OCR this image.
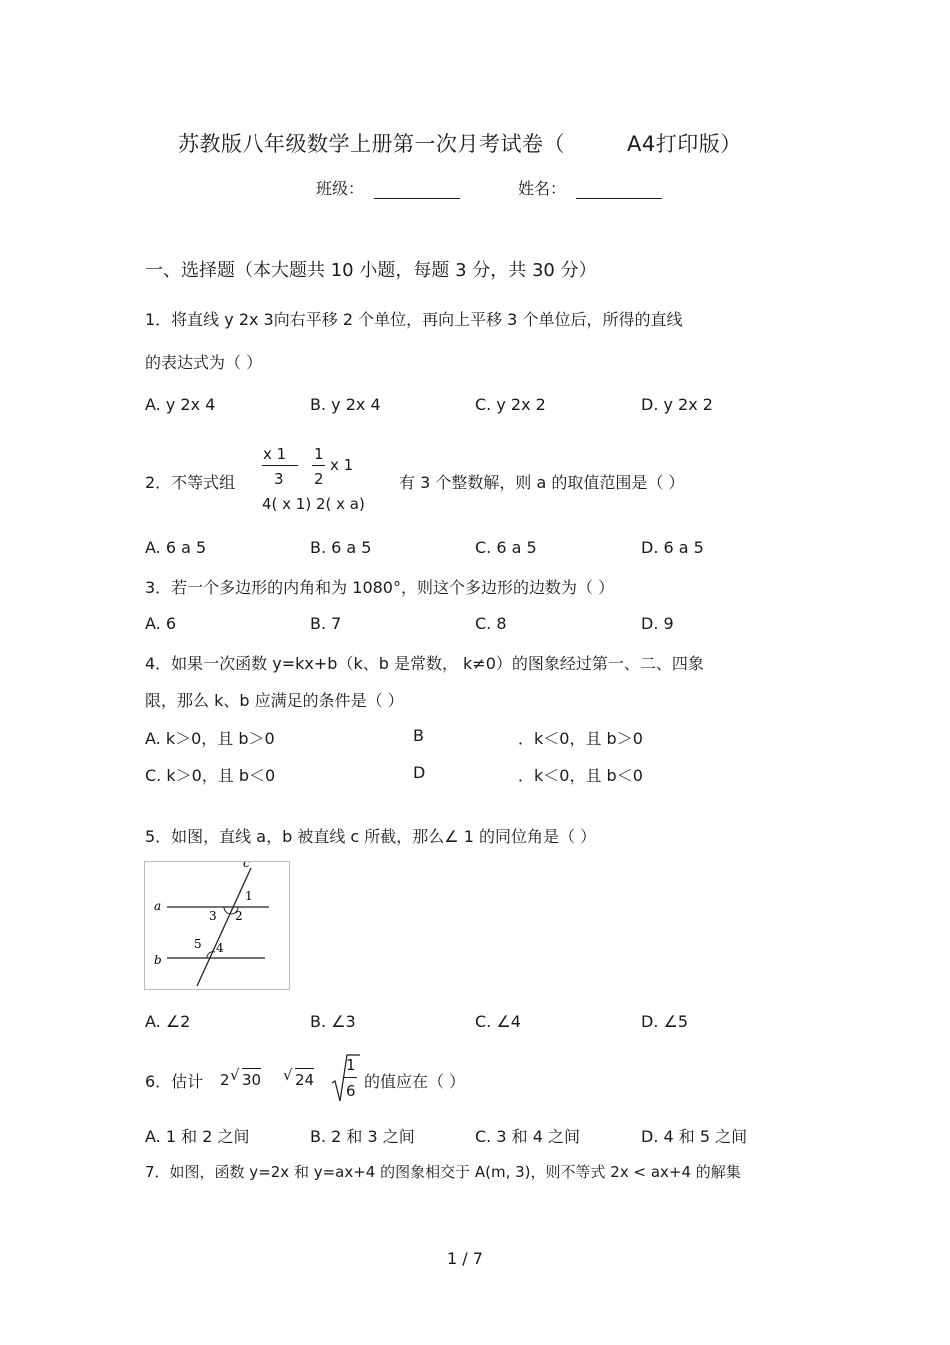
苏教版八年级数学上册第一次月考试卷（	A4打印版）
班级：	姓名：
一、选择题（本大题共 10 小题，每题 3 分，共 30 分）
1．将直线 y 2x 3向右平移 2 个单位，再向上平移 3 个单位后，所得的直线
的表达式为（ ）
A. y 2x 4	B. y 2x 4	C. y 2x 2	D. y 2x 2
2．不等式组
x 1
3
1
2
x 1
4( x 1) 2( x a)
有 3 个整数解，则 a 的取值范围是（ ）
A. 6 a 5	B. 6 a 5	C. 6 a 5	D. 6 a 5
3．若一个多边形的内角和为 1080°，则这个多边形的边数为（ ）
A. 6	B. 7	C. 8	D. 9
4．如果一次函数 y=kx+b（k、b 是常数， k≠0）的图象经过第一、二、四象
限，那么 k、b 应满足的条件是（ ）
A. k＞0，且 b＞0	B	．k＜0，且 b＞0
C. k＞0，且 b＜0	D	．k＜0，且 b＜0
5．如图，直线 a，b 被直线 c 所截，那么∠ 1 的同位角是（ ）
c
1
a
3 2
5 4
b
A. ∠2	B. ∠3	C. ∠4	D. ∠5
6．估计 2 √ 30 √ 24
1
6 的值应在（ ）
A. 1 和 2 之间	B. 2 和 3 之间	C. 3 和 4 之间	D. 4 和 5 之间
7．如图，函数 y=2x 和 y=ax+4 的图象相交于 A(m, 3)，则不等式 2x < ax+4 的解集
1 / 7
